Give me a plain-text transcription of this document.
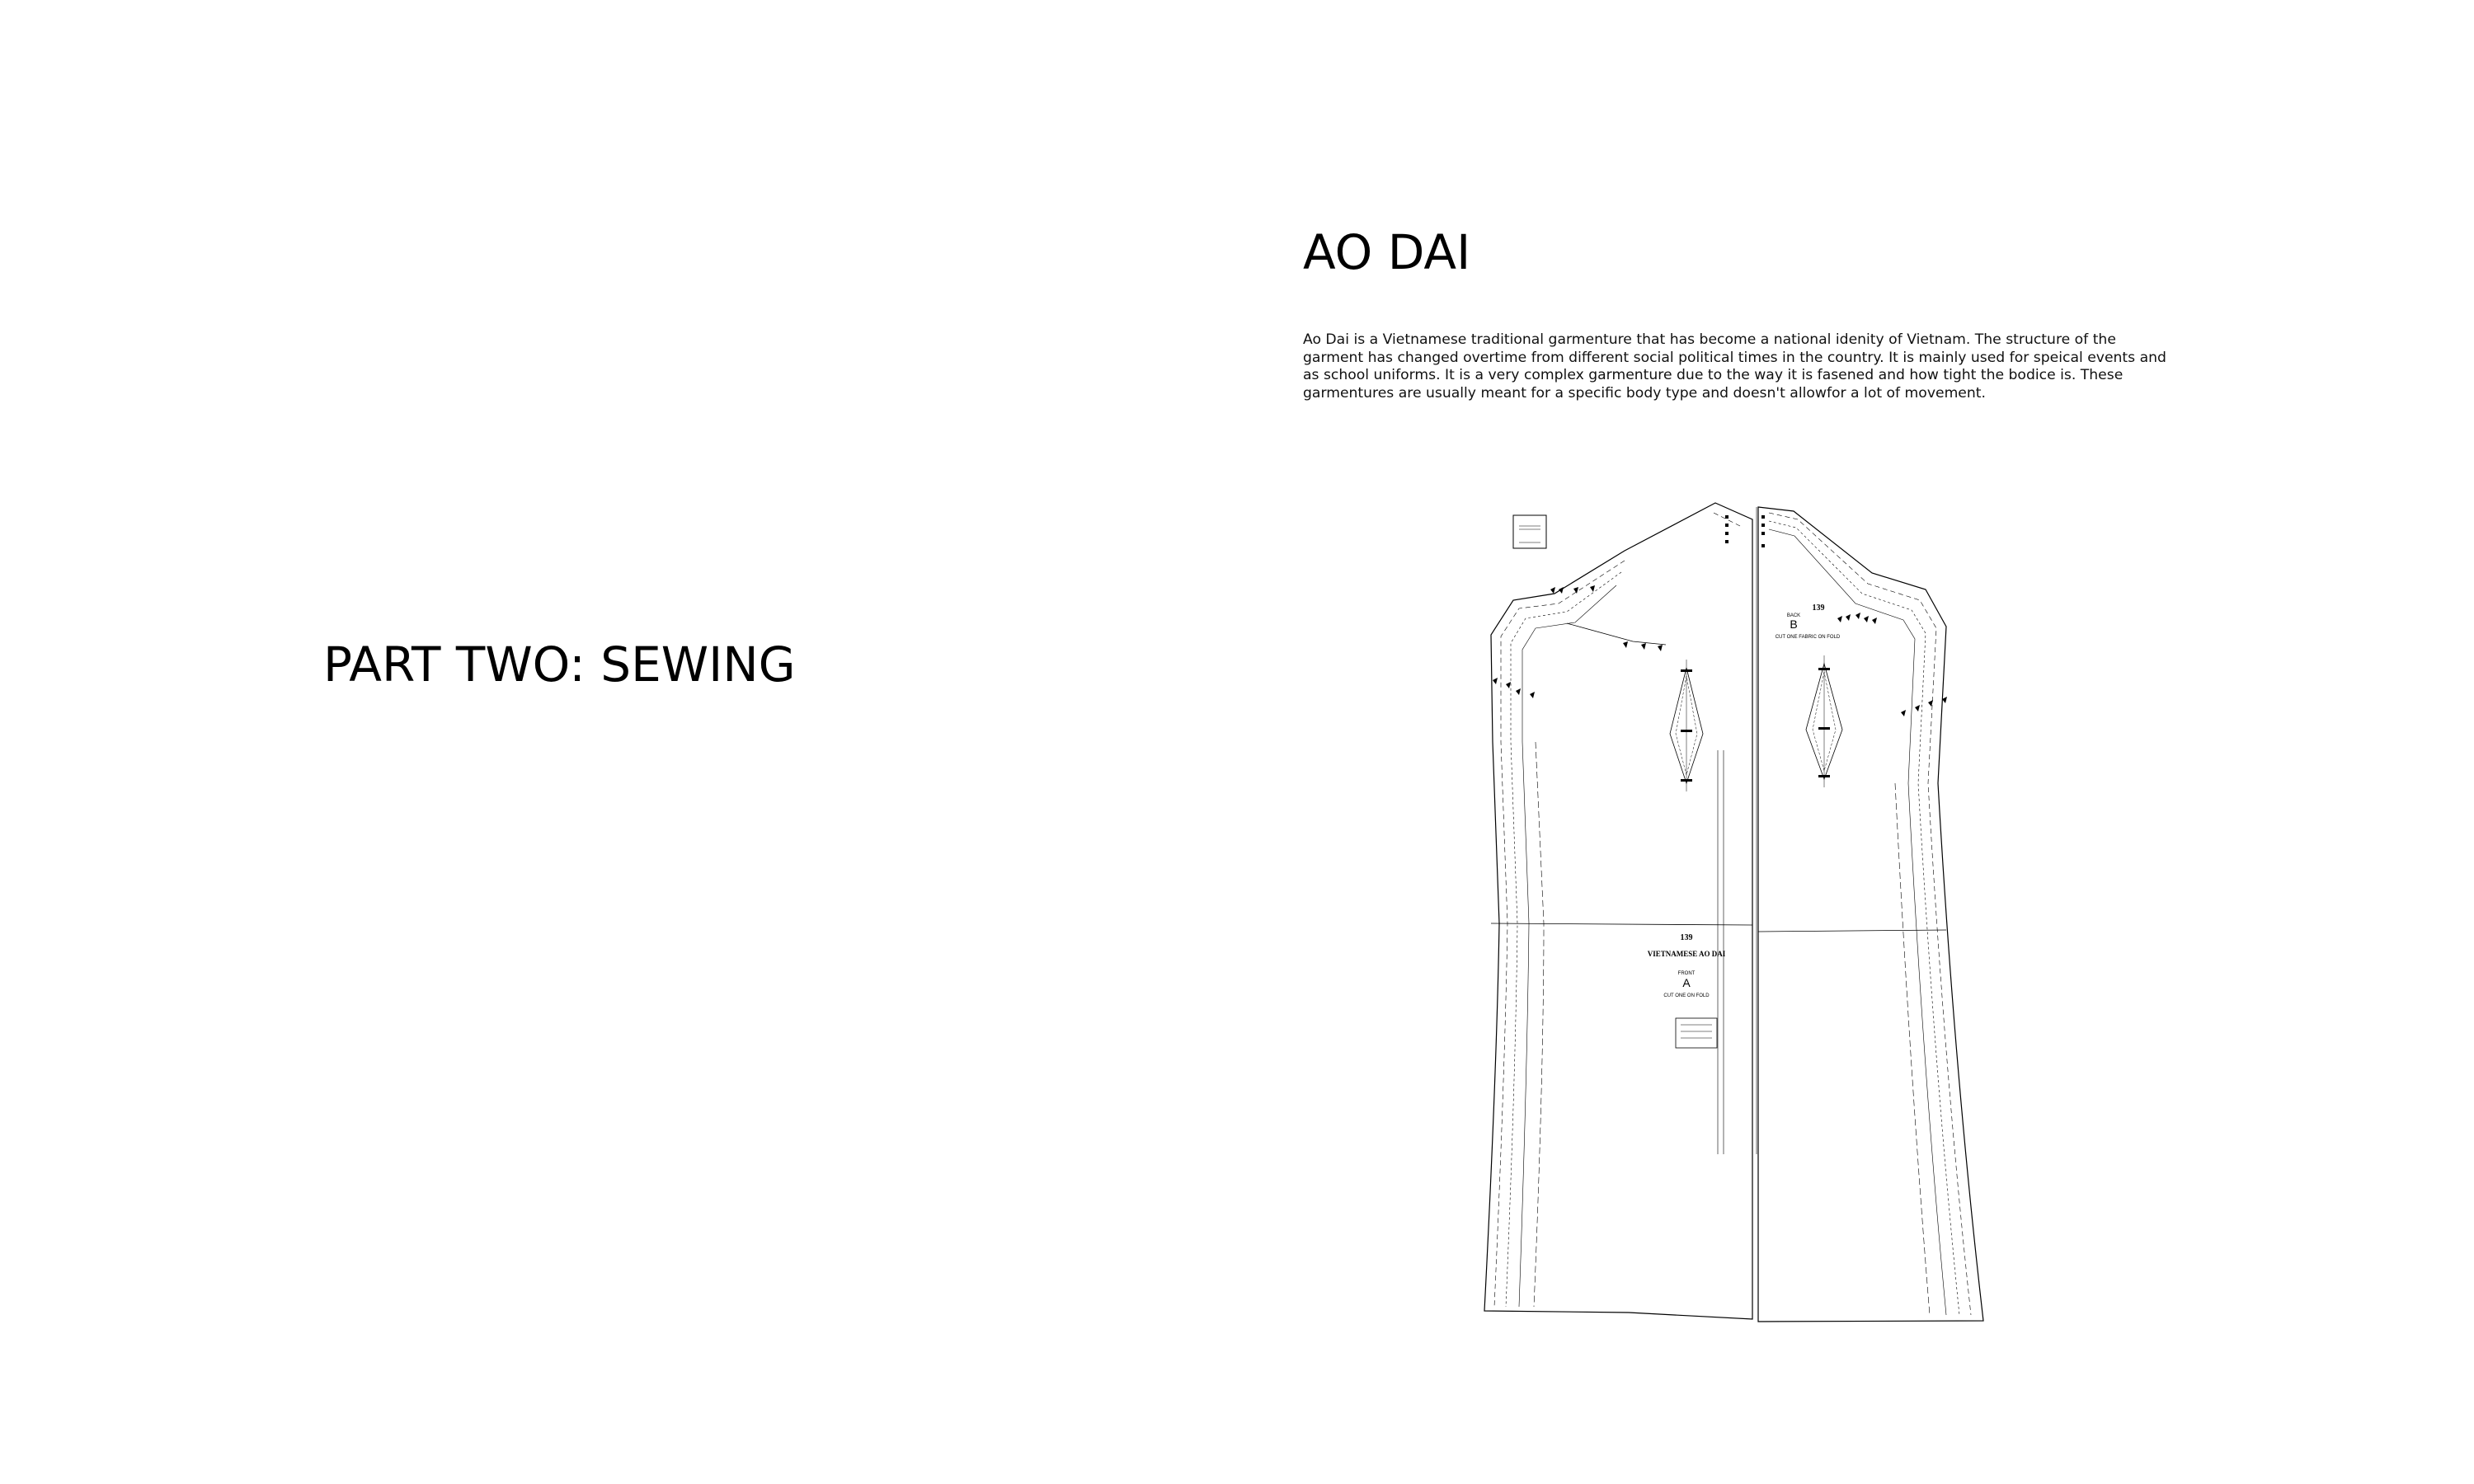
PART TWO: SEWING
AO DAI

Ao Dai is a Vietnamese traditional garmenture that has become a national idenity of Vietnam. The structure of the garment has changed overtime from different social political times in the country. It is mainly used for speical events and as school uniforms. It is a very complex garmenture due to the way it is fasened and how tight the bodice is. These garmentures are usually meant for a specific body type and doesn't allowfor a lot of movement.

139
VIETNAMESE AO DAI
FRONT
A
CUT ONE ON FOLD
139
BACK
B
CUT ONE FABRIC ON FOLD
